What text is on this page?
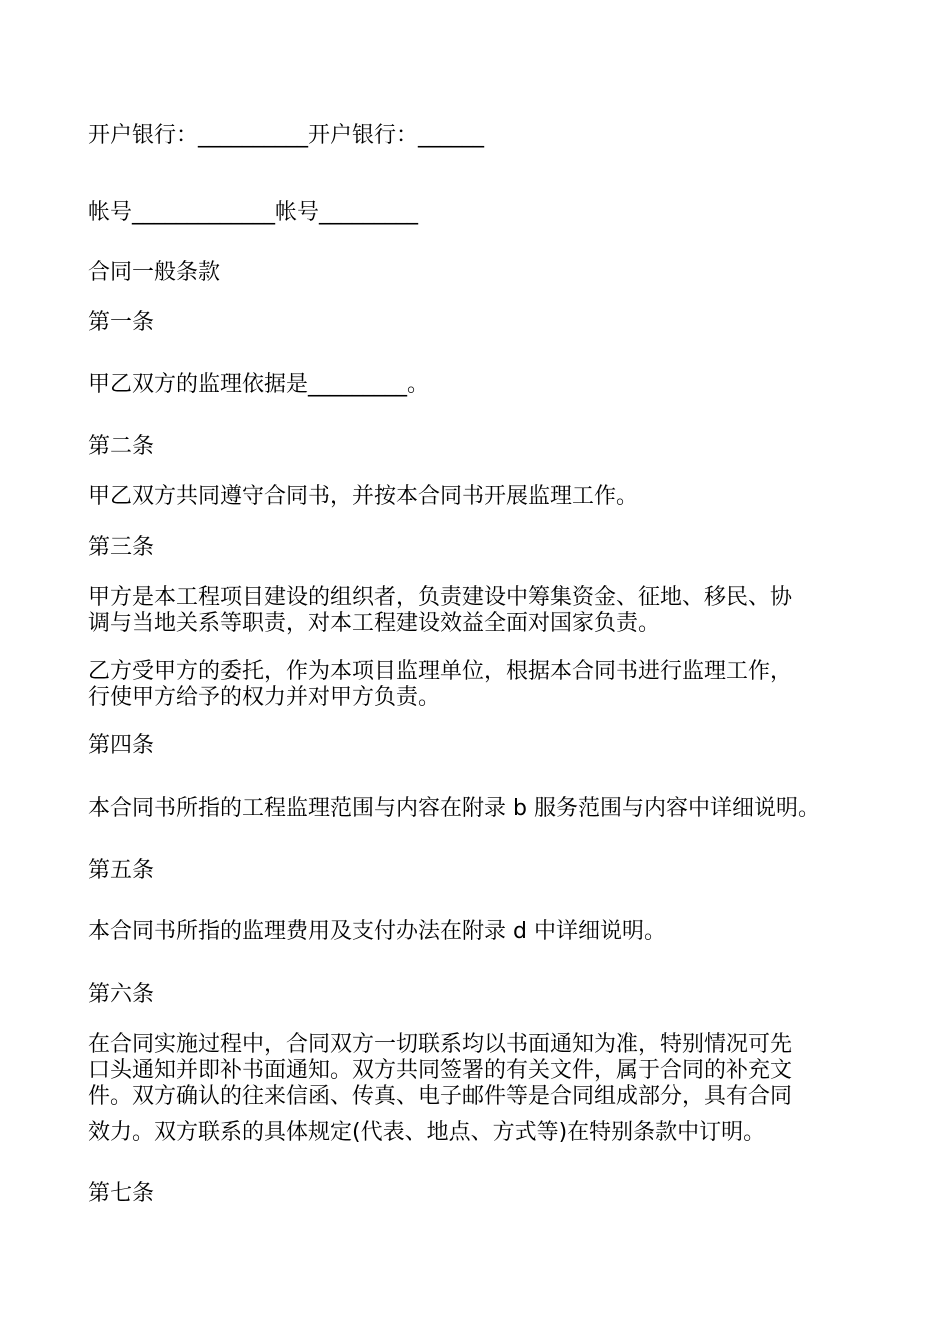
开户银行：__________开户银行：______
帐号_____________帐号_________
合同一般条款
第一条
甲乙双方的监理依据是_________。
第二条
甲乙双方共同遵守合同书，并按本合同书开展监理工作。
第三条
甲方是本工程项目建设的组织者，负责建设中筹集资金、征地、移民、协
调与当地关系等职责，对本工程建设效益全面对国家负责。
乙方受甲方的委托，作为本项目监理单位，根据本合同书进行监理工作，
行使甲方给予的权力并对甲方负责。
第四条
本合同书所指的工程监理范围与内容在附录 b 服务范围与内容中详细说明。
第五条
本合同书所指的监理费用及支付办法在附录 d 中详细说明。
第六条
在合同实施过程中，合同双方一切联系均以书面通知为准，特别情况可先
口头通知并即补书面通知。双方共同签署的有关文件，属于合同的补充文
件。双方确认的往来信函、传真、电子邮件等是合同组成部分，具有合同
效力。双方联系的具体规定(代表、地点、方式等)在特别条款中订明。
第七条
